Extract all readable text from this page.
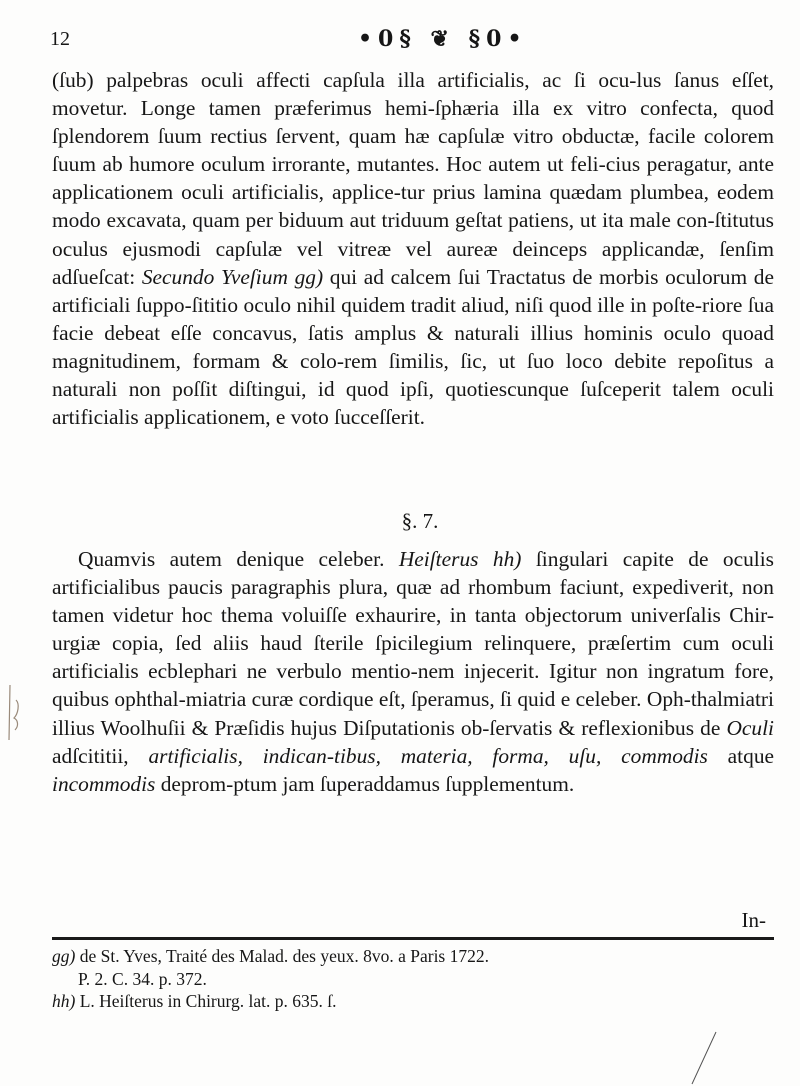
12	•0§ ❦ §0•

(ſub) palpebras oculi affecti capſula illa artificialis, ac ſi ocu-lus ſanus eſſet, movetur. Longe tamen præferimus hemi-ſphæria illa ex vitro confecta, quod ſplendorem ſuum rectius ſervent, quam hæ capſulæ vitro obductæ, facile colorem ſuum ab humore oculum irrorante, mutantes. Hoc autem ut feli-cius peragatur, ante applicationem oculi artificialis, applice-tur prius lamina quædam plumbea, eodem modo excavata, quam per biduum aut triduum geſtat patiens, ut ita male con-ſtitutus oculus ejusmodi capſulæ vel vitreæ vel aureæ deinceps applicandæ, ſenſim adſueſcat: Secundo Yveſium gg) qui ad calcem ſui Tractatus de morbis oculorum de artificiali ſuppo-ſititio oculo nihil quidem tradit aliud, niſi quod ille in poſte-riore ſua facie debeat eſſe concavus, ſatis amplus & naturali illius hominis oculo quoad magnitudinem, formam & colo-rem ſimilis, ſic, ut ſuo loco debite repoſitus a naturali non poſſit diſtingui, id quod ipſi, quotiescunque ſuſceperit talem oculi artificialis applicationem, e voto ſucceſſerit.

§. 7.

Quamvis autem denique celeber. Heiſterus hh) ſingulari capite de oculis artificialibus paucis paragraphis plura, quæ ad rhombum faciunt, expediverit, non tamen videtur hoc thema voluiſſe exhaurire, in tanta objectorum univerſalis Chir-urgiæ copia, ſed aliis haud ſterile ſpicilegium relinquere, præſertim cum oculi artificialis ecblephari ne verbulo mentio-nem injecerit. Igitur non ingratum fore, quibus ophthal-miatria curæ cordique eſt, ſperamus, ſi quid e celeber. Oph-thalmiatri illius Woolhuſii & Præſidis hujus Diſputationis ob-ſervatis & reflexionibus de Oculi adſcititii, artificialis, indican-tibus, materia, forma, uſu, commodis atque incommodis deprom-ptum jam ſuperaddamus ſupplementum.

In-
gg) de St. Yves, Traité des Malad. des yeux. 8vo. a Paris 1722.
P. 2. C. 34. p. 372.
hh) L. Heiſterus in Chirurg. lat. p. 635. ſ.
